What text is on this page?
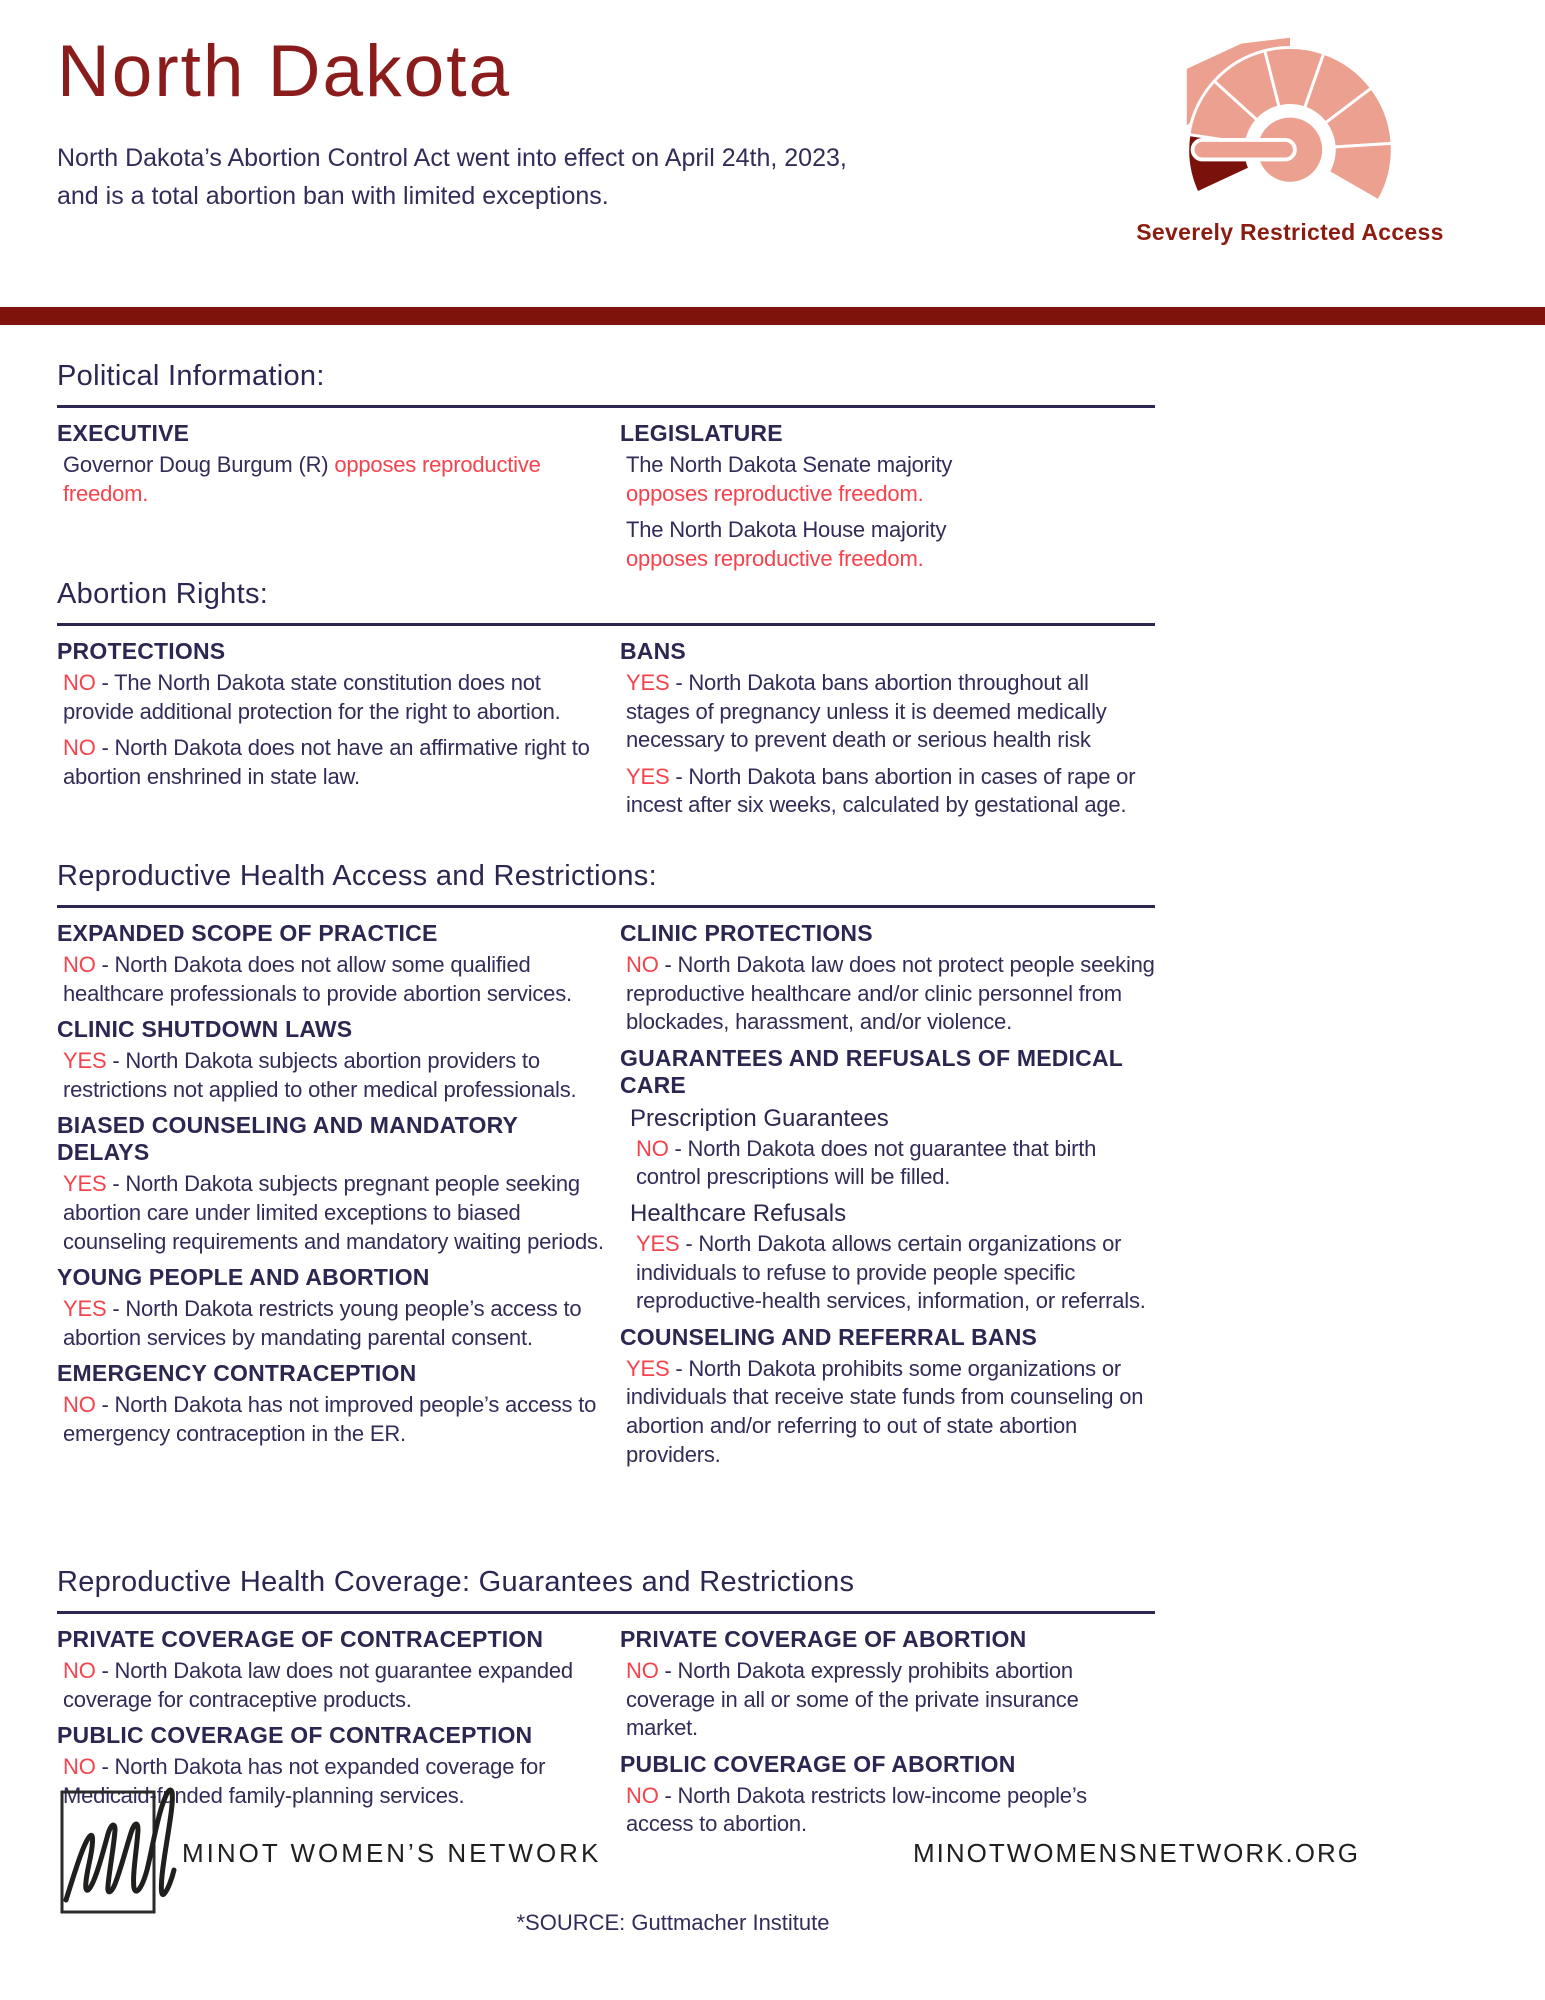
North Dakota
North Dakota’s Abortion Control Act went into effect on April 24th, 2023, and is a total abortion ban with limited exceptions.
Severely Restricted Access
Political Information:
EXECUTIVE

Governor Doug Burgum (R) opposes reproductive freedom.

LEGISLATURE

The North Dakota Senate majority
opposes reproductive freedom.

The North Dakota House majority
opposes reproductive freedom.

Abortion Rights:
PROTECTIONS

NO - The North Dakota state constitution does not provide additional protection for the right to abortion.

NO - North Dakota does not have an affirmative right to abortion enshrined in state law.

BANS

YES - North Dakota bans abortion throughout all stages of pregnancy unless it is deemed medically necessary to prevent death or serious health risk

YES - North Dakota bans abortion in cases of rape or incest after six weeks, calculated by gestational age.

Reproductive Health Access and Restrictions:
EXPANDED SCOPE OF PRACTICE

NO - North Dakota does not allow some qualified healthcare professionals to provide abortion services.

CLINIC SHUTDOWN LAWS

YES - North Dakota subjects abortion providers to restrictions not applied to other medical professionals.

BIASED COUNSELING AND MANDATORY DELAYS

YES - North Dakota subjects pregnant people seeking abortion care under limited exceptions to biased counseling requirements and mandatory waiting periods.

YOUNG PEOPLE AND ABORTION

YES - North Dakota restricts young people’s access to abortion services by mandating parental consent.

EMERGENCY CONTRACEPTION

NO - North Dakota has not improved people’s access to emergency contraception in the ER.

CLINIC PROTECTIONS

NO - North Dakota law does not protect people seeking reproductive healthcare and/or clinic personnel from blockades, harassment, and/or violence.

GUARANTEES AND REFUSALS OF MEDICAL CARE
Prescription Guarantees

NO - North Dakota does not guarantee that birth control prescriptions will be filled.

Healthcare Refusals

YES - North Dakota allows certain organizations or individuals to refuse to provide people specific reproductive-health services, information, or referrals.

COUNSELING AND REFERRAL BANS

YES - North Dakota prohibits some organizations or individuals that receive state funds from counseling on abortion and/or referring to out of state abortion providers.

Reproductive Health Coverage: Guarantees and Restrictions
PRIVATE COVERAGE OF CONTRACEPTION

NO - North Dakota law does not guarantee expanded coverage for contraceptive products.

PUBLIC COVERAGE OF CONTRACEPTION

NO - North Dakota has not expanded coverage for Medicaid-funded family-planning services.

PRIVATE COVERAGE OF ABORTION

NO - North Dakota expressly prohibits abortion coverage in all or some of the private insurance market.

PUBLIC COVERAGE OF ABORTION

NO - North Dakota restricts low-income people’s access to abortion.

MINOT WOMEN’S NETWORK	MINOTWOMENSNETWORK.ORG
*SOURCE: Guttmacher Institute
